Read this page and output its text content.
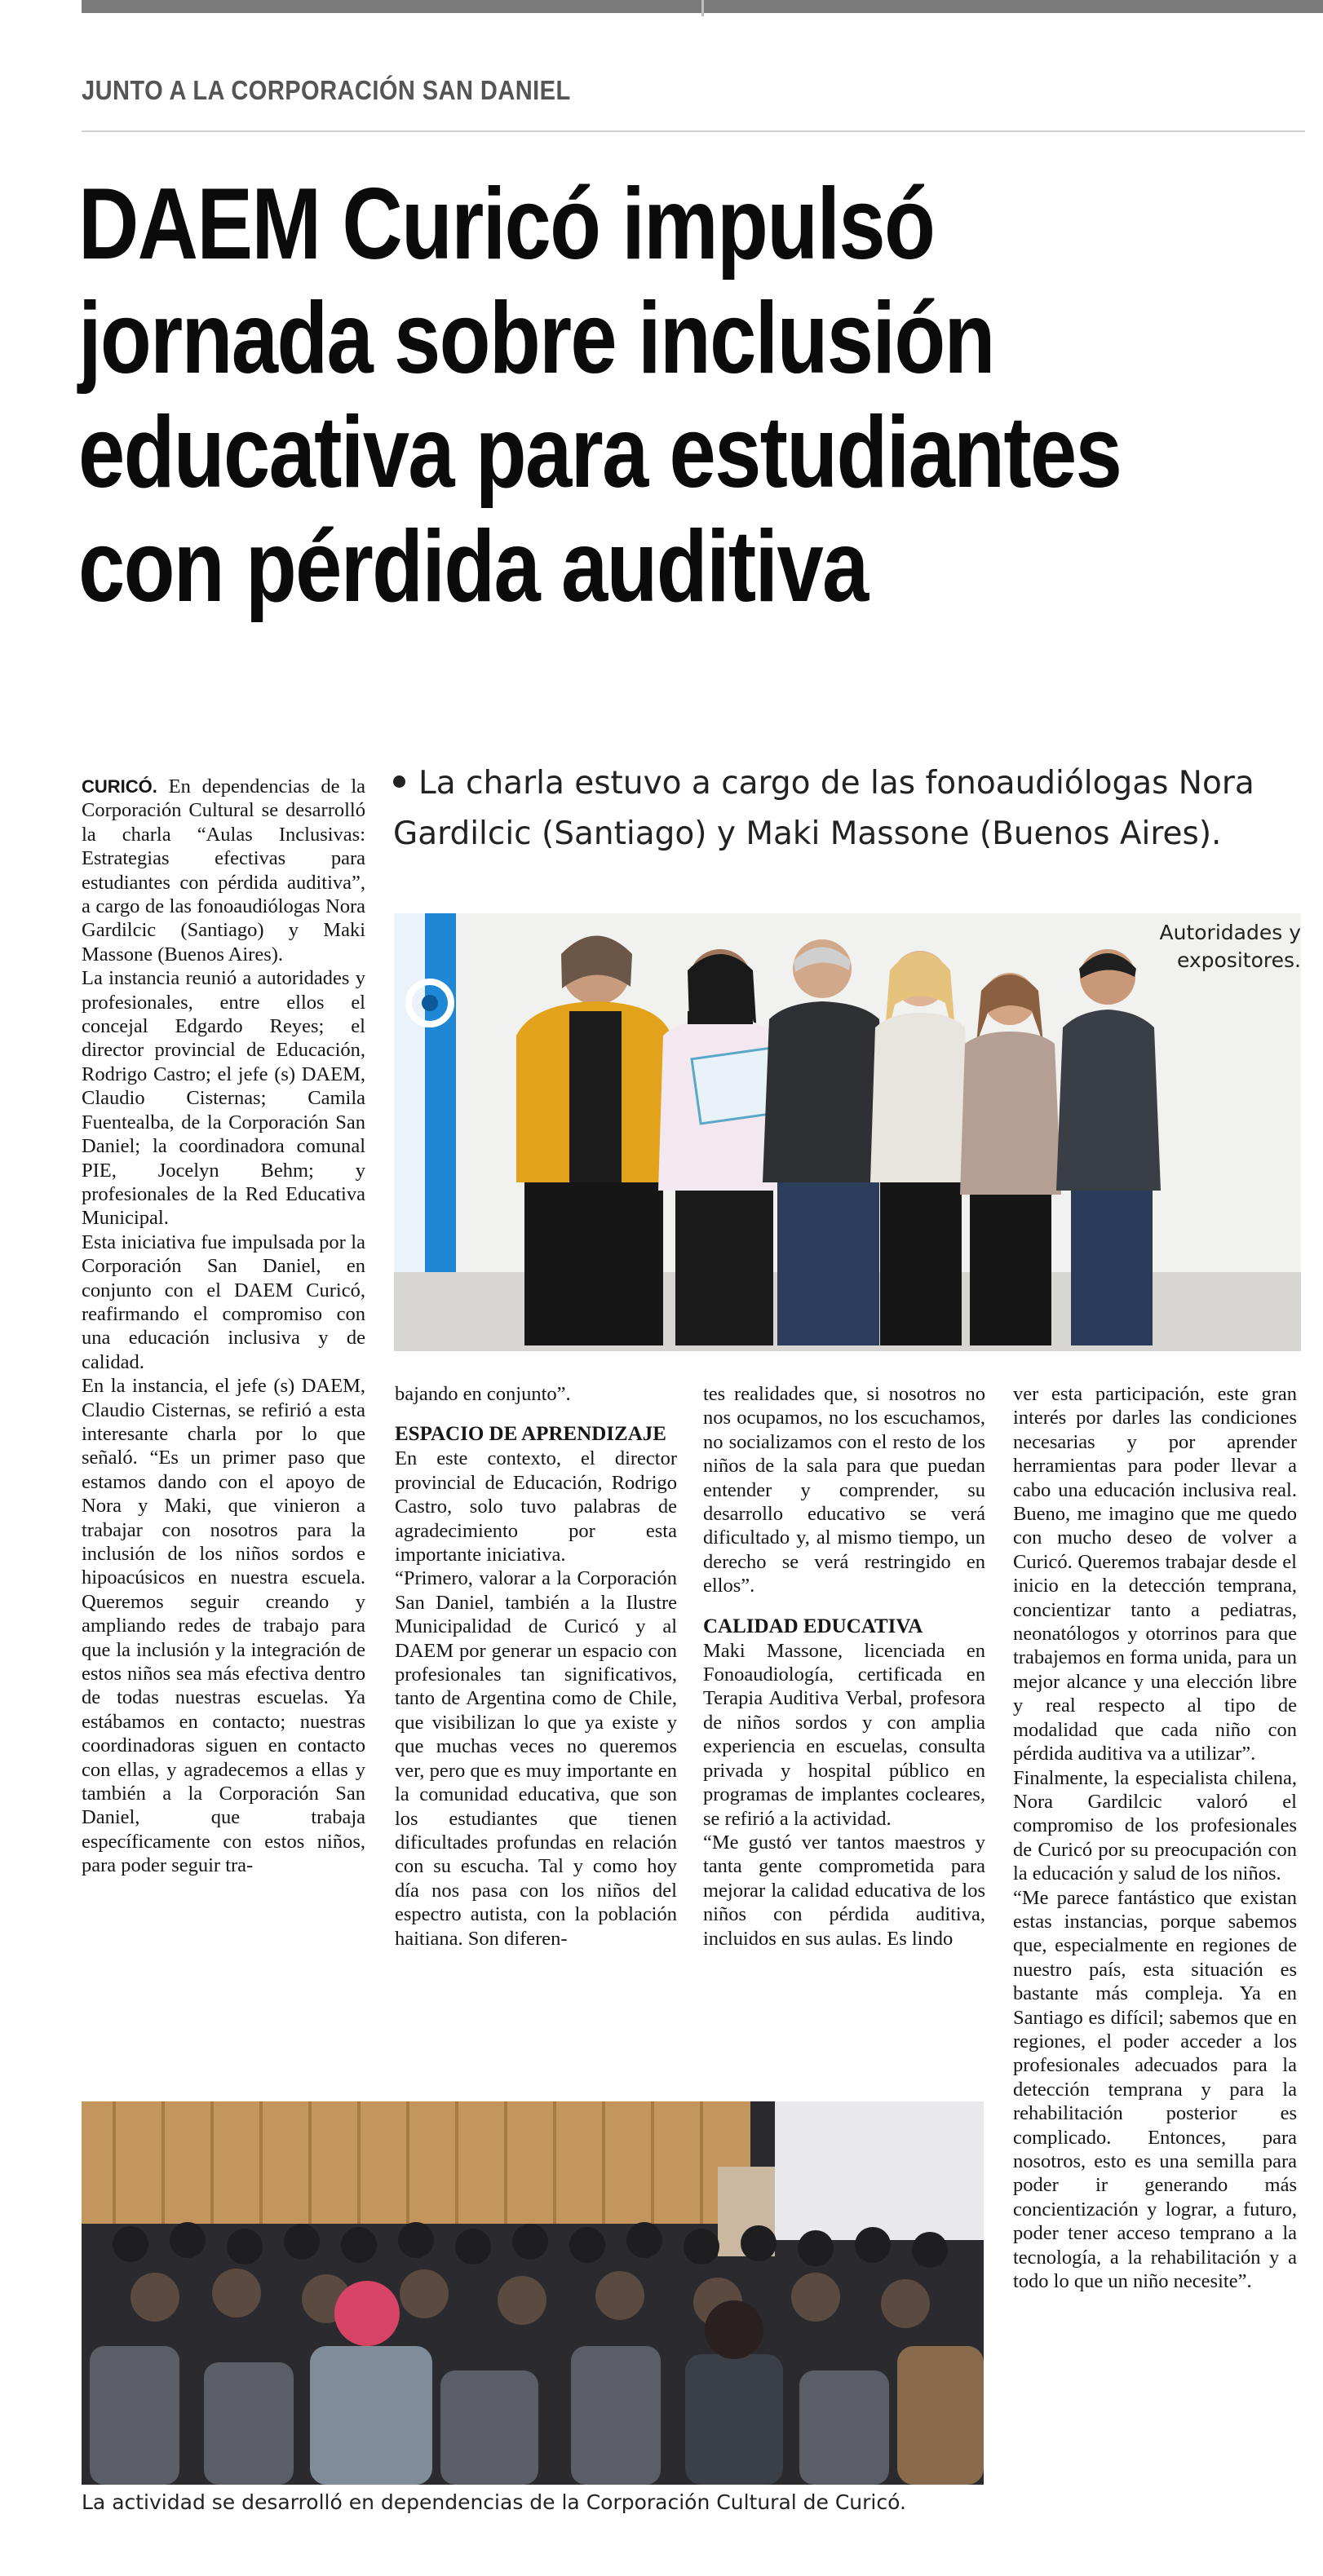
JUNTO A LA CORPORACIÓN SAN DANIEL
DAEM Curicó impulsó jornada sobre inclusión educativa para estudiantes con pérdida auditiva

CURICÓ. En dependencias de la Corporación Cultural se desarrolló la charla “Aulas Inclusivas: Estrategias efectivas para estudiantes con pérdida auditiva”, a cargo de las fonoaudiólogas Nora Gardilcic (Santiago) y Maki Massone (Buenos Aires).

La instancia reunió a autoridades y profesionales, entre ellos el concejal Edgardo Reyes; el director provincial de Educación, Rodrigo Castro; el jefe (s) DAEM, Claudio Cisternas; Camila Fuentealba, de la Corporación San Daniel; la coordinadora comunal PIE, Jocelyn Behm; y profesionales de la Red Educativa Municipal.

Esta iniciativa fue impulsada por la Corporación San Daniel, en conjunto con el DAEM Curicó, reafirmando el compromiso con una educación inclusiva y de calidad.

En la instancia, el jefe (s) DAEM, Claudio Cisternas, se refirió a esta interesante charla por lo que señaló. “Es un primer paso que estamos dando con el apoyo de Nora y Maki, que vinieron a trabajar con nosotros para la inclusión de los niños sordos e hipoacúsicos en nuestra escuela. Queremos seguir creando y ampliando redes de trabajo para que la inclusión y la integración de estos niños sea más efectiva dentro de todas nuestras escuelas. Ya estábamos en contacto; nuestras coordinadoras siguen en contacto con ellas, y agradecemos a ellas y también a la Corporación San Daniel, que trabaja específicamente con estos niños, para poder seguir tra-

La charla estuvo a cargo de las fonoaudiólogas Nora Gardilcic (Santiago) y Maki Massone (Buenos Aires).
Autoridades y expositores.

bajando en conjunto”.

ESPACIO DE APRENDIZAJE

En este contexto, el director provincial de Educación, Rodrigo Castro, solo tuvo palabras de agradecimiento por esta importante iniciativa.

“Primero, valorar a la Corporación San Daniel, también a la Ilustre Municipalidad de Curicó y al DAEM por generar un espacio con profesionales tan significativos, tanto de Argentina como de Chile, que visibilizan lo que ya existe y que muchas veces no queremos ver, pero que es muy importante en la comunidad educativa, que son los estudiantes que tienen dificultades profundas en relación con su escucha. Tal y como hoy día nos pasa con los niños del espectro autista, con la población haitiana. Son diferen-

tes realidades que, si nosotros no nos ocupamos, no los escuchamos, no socializamos con el resto de los niños de la sala para que puedan entender y comprender, su desarrollo educativo se verá dificultado y, al mismo tiempo, un derecho se verá restringido en ellos”.

CALIDAD EDUCATIVA

Maki Massone, licenciada en Fonoaudiología, certificada en Terapia Auditiva Verbal, profesora de niños sordos y con amplia experiencia en escuelas, consulta privada y hospital público en programas de implantes cocleares, se refirió a la actividad.

“Me gustó ver tantos maestros y tanta gente comprometida para mejorar la calidad educativa de los niños con pérdida auditiva, incluidos en sus aulas. Es lindo

ver esta participación, este gran interés por darles las condiciones necesarias y por aprender herramientas para poder llevar a cabo una educación inclusiva real. Bueno, me imagino que me quedo con mucho deseo de volver a Curicó. Queremos trabajar desde el inicio en la detección temprana, concientizar tanto a pediatras, neonatólogos y otorrinos para que trabajemos en forma unida, para un mejor alcance y una elección libre y real respecto al tipo de modalidad que cada niño con pérdida auditiva va a utilizar”.

Finalmente, la especialista chilena, Nora Gardilcic valoró el compromiso de los profesionales de Curicó por su preocupación con la educación y salud de los niños.

“Me parece fantástico que existan estas instancias, porque sabemos que, especialmente en regiones de nuestro país, esta situación es bastante más compleja. Ya en Santiago es difícil; sabemos que en regiones, el poder acceder a los profesionales adecuados para la detección temprana y para la rehabilitación posterior es complicado. Entonces, para nosotros, esto es una semilla para poder ir generando más concientización y lograr, a futuro, poder tener acceso temprano a la tecnología, a la rehabilitación y a todo lo que un niño necesite”.

La actividad se desarrolló en dependencias de la Corporación Cultural de Curicó.
